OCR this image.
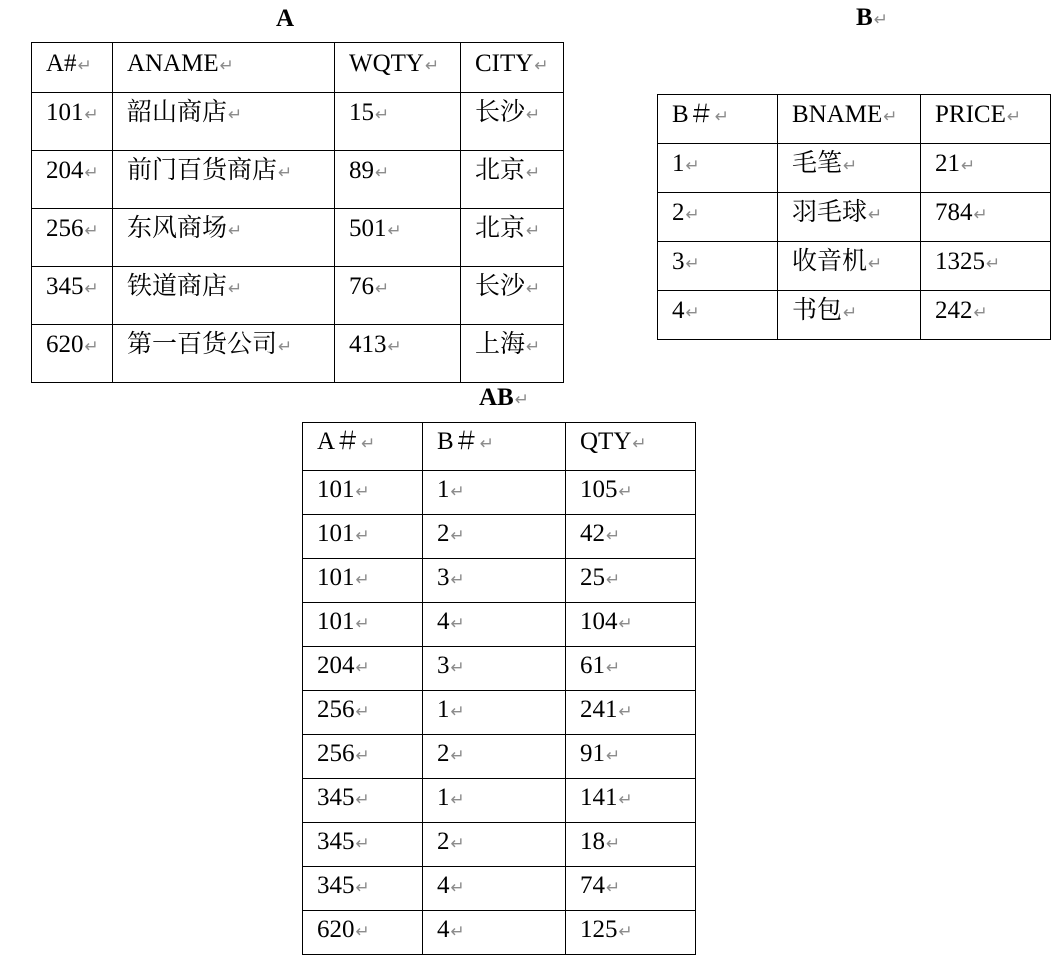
A
A#↵	ANAME↵	WQTY↵	CITY↵
101↵	韶山商店↵	15↵	长沙↵
204↵	前门百货商店↵	89↵	北京↵
256↵	东风商场↵	501↵	北京↵
345↵	铁道商店↵	76↵	长沙↵
620↵	第一百货公司↵	413↵	上海↵
B↵
B＃↵	BNAME↵	PRICE↵
1↵	毛笔↵	21↵
2↵	羽毛球↵	784↵
3↵	收音机↵	1325↵
4↵	书包↵	242↵
AB↵
A＃↵	B＃↵	QTY↵
101↵	1↵	105↵
101↵	2↵	42↵
101↵	3↵	25↵
101↵	4↵	104↵
204↵	3↵	61↵
256↵	1↵	241↵
256↵	2↵	91↵
345↵	1↵	141↵
345↵	2↵	18↵
345↵	4↵	74↵
620↵	4↵	125↵
